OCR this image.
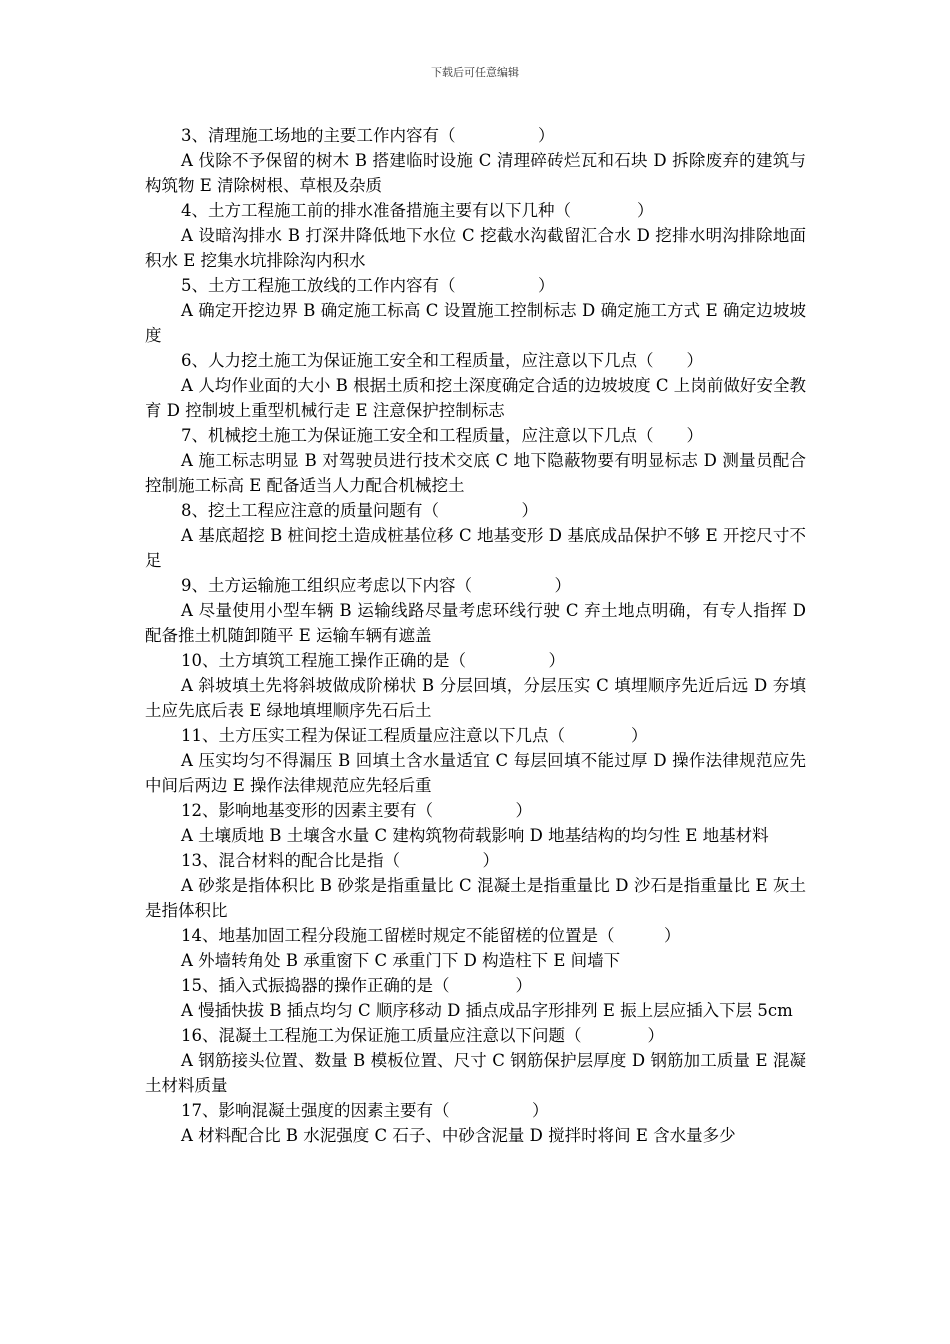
下载后可任意编辑

3、清理施工场地的主要工作内容有（　　　　　）

A 伐除不予保留的树木 B 搭建临时设施 C 清理碎砖烂瓦和石块 D 拆除废弃的建筑与构筑物 E 清除树根、草根及杂质

4、土方工程施工前的排水准备措施主要有以下几种（　　　　）

A 设暗沟排水 B 打深井降低地下水位 C 挖截水沟截留汇合水 D 挖排水明沟排除地面积水 E 挖集水坑排除沟内积水

5、土方工程施工放线的工作内容有（　　　　　）

A 确定开挖边界 B 确定施工标高 C 设置施工控制标志 D 确定施工方式 E 确定边坡坡度

6、人力挖土施工为保证施工安全和工程质量，应注意以下几点（　　）

A 人均作业面的大小 B 根据土质和挖土深度确定合适的边坡坡度 C 上岗前做好安全教育 D 控制坡上重型机械行走 E 注意保护控制标志

7、机械挖土施工为保证施工安全和工程质量，应注意以下几点（　　）

A 施工标志明显 B 对驾驶员进行技术交底 C 地下隐蔽物要有明显标志 D 测量员配合控制施工标高 E 配备适当人力配合机械挖土

8、挖土工程应注意的质量问题有（　　　　　）

A 基底超挖 B 桩间挖土造成桩基位移 C 地基变形 D 基底成品保护不够 E 开挖尺寸不足

9、土方运输施工组织应考虑以下内容（　　　　　）

A 尽量使用小型车辆 B 运输线路尽量考虑环线行驶 C 弃土地点明确，有专人指挥 D 配备推土机随卸随平 E 运输车辆有遮盖

10、土方填筑工程施工操作正确的是（　　　　　）

A 斜坡填土先将斜坡做成阶梯状 B 分层回填，分层压实 C 填埋顺序先近后远 D 夯填土应先底后表 E 绿地填埋顺序先石后土

11、土方压实工程为保证工程质量应注意以下几点（　　　　）

A 压实均匀不得漏压 B 回填土含水量适宜 C 每层回填不能过厚 D 操作法律规范应先中间后两边 E 操作法律规范应先轻后重

12、影响地基变形的因素主要有（　　　　　）

A 土壤质地 B 土壤含水量 C 建构筑物荷载影响 D 地基结构的均匀性 E 地基材料

13、混合材料的配合比是指（　　　　　）

A 砂浆是指体积比 B 砂浆是指重量比 C 混凝土是指重量比 D 沙石是指重量比 E 灰土是指体积比

14、地基加固工程分段施工留槎时规定不能留槎的位置是（　　　）

A 外墙转角处 B 承重窗下 C 承重门下 D 构造柱下 E 间墙下

15、插入式振捣器的操作正确的是（　　　　）

A 慢插快拔 B 插点均匀 C 顺序移动 D 插点成品字形排列 E 振上层应插入下层 5cm

16、混凝土工程施工为保证施工质量应注意以下问题（　　　　）

A 钢筋接头位置、数量 B 模板位置、尺寸 C 钢筋保护层厚度 D 钢筋加工质量 E 混凝土材料质量

17、影响混凝土强度的因素主要有（　　　　　）

A 材料配合比 B 水泥强度 C 石子、中砂含泥量 D 搅拌时将间 E 含水量多少
